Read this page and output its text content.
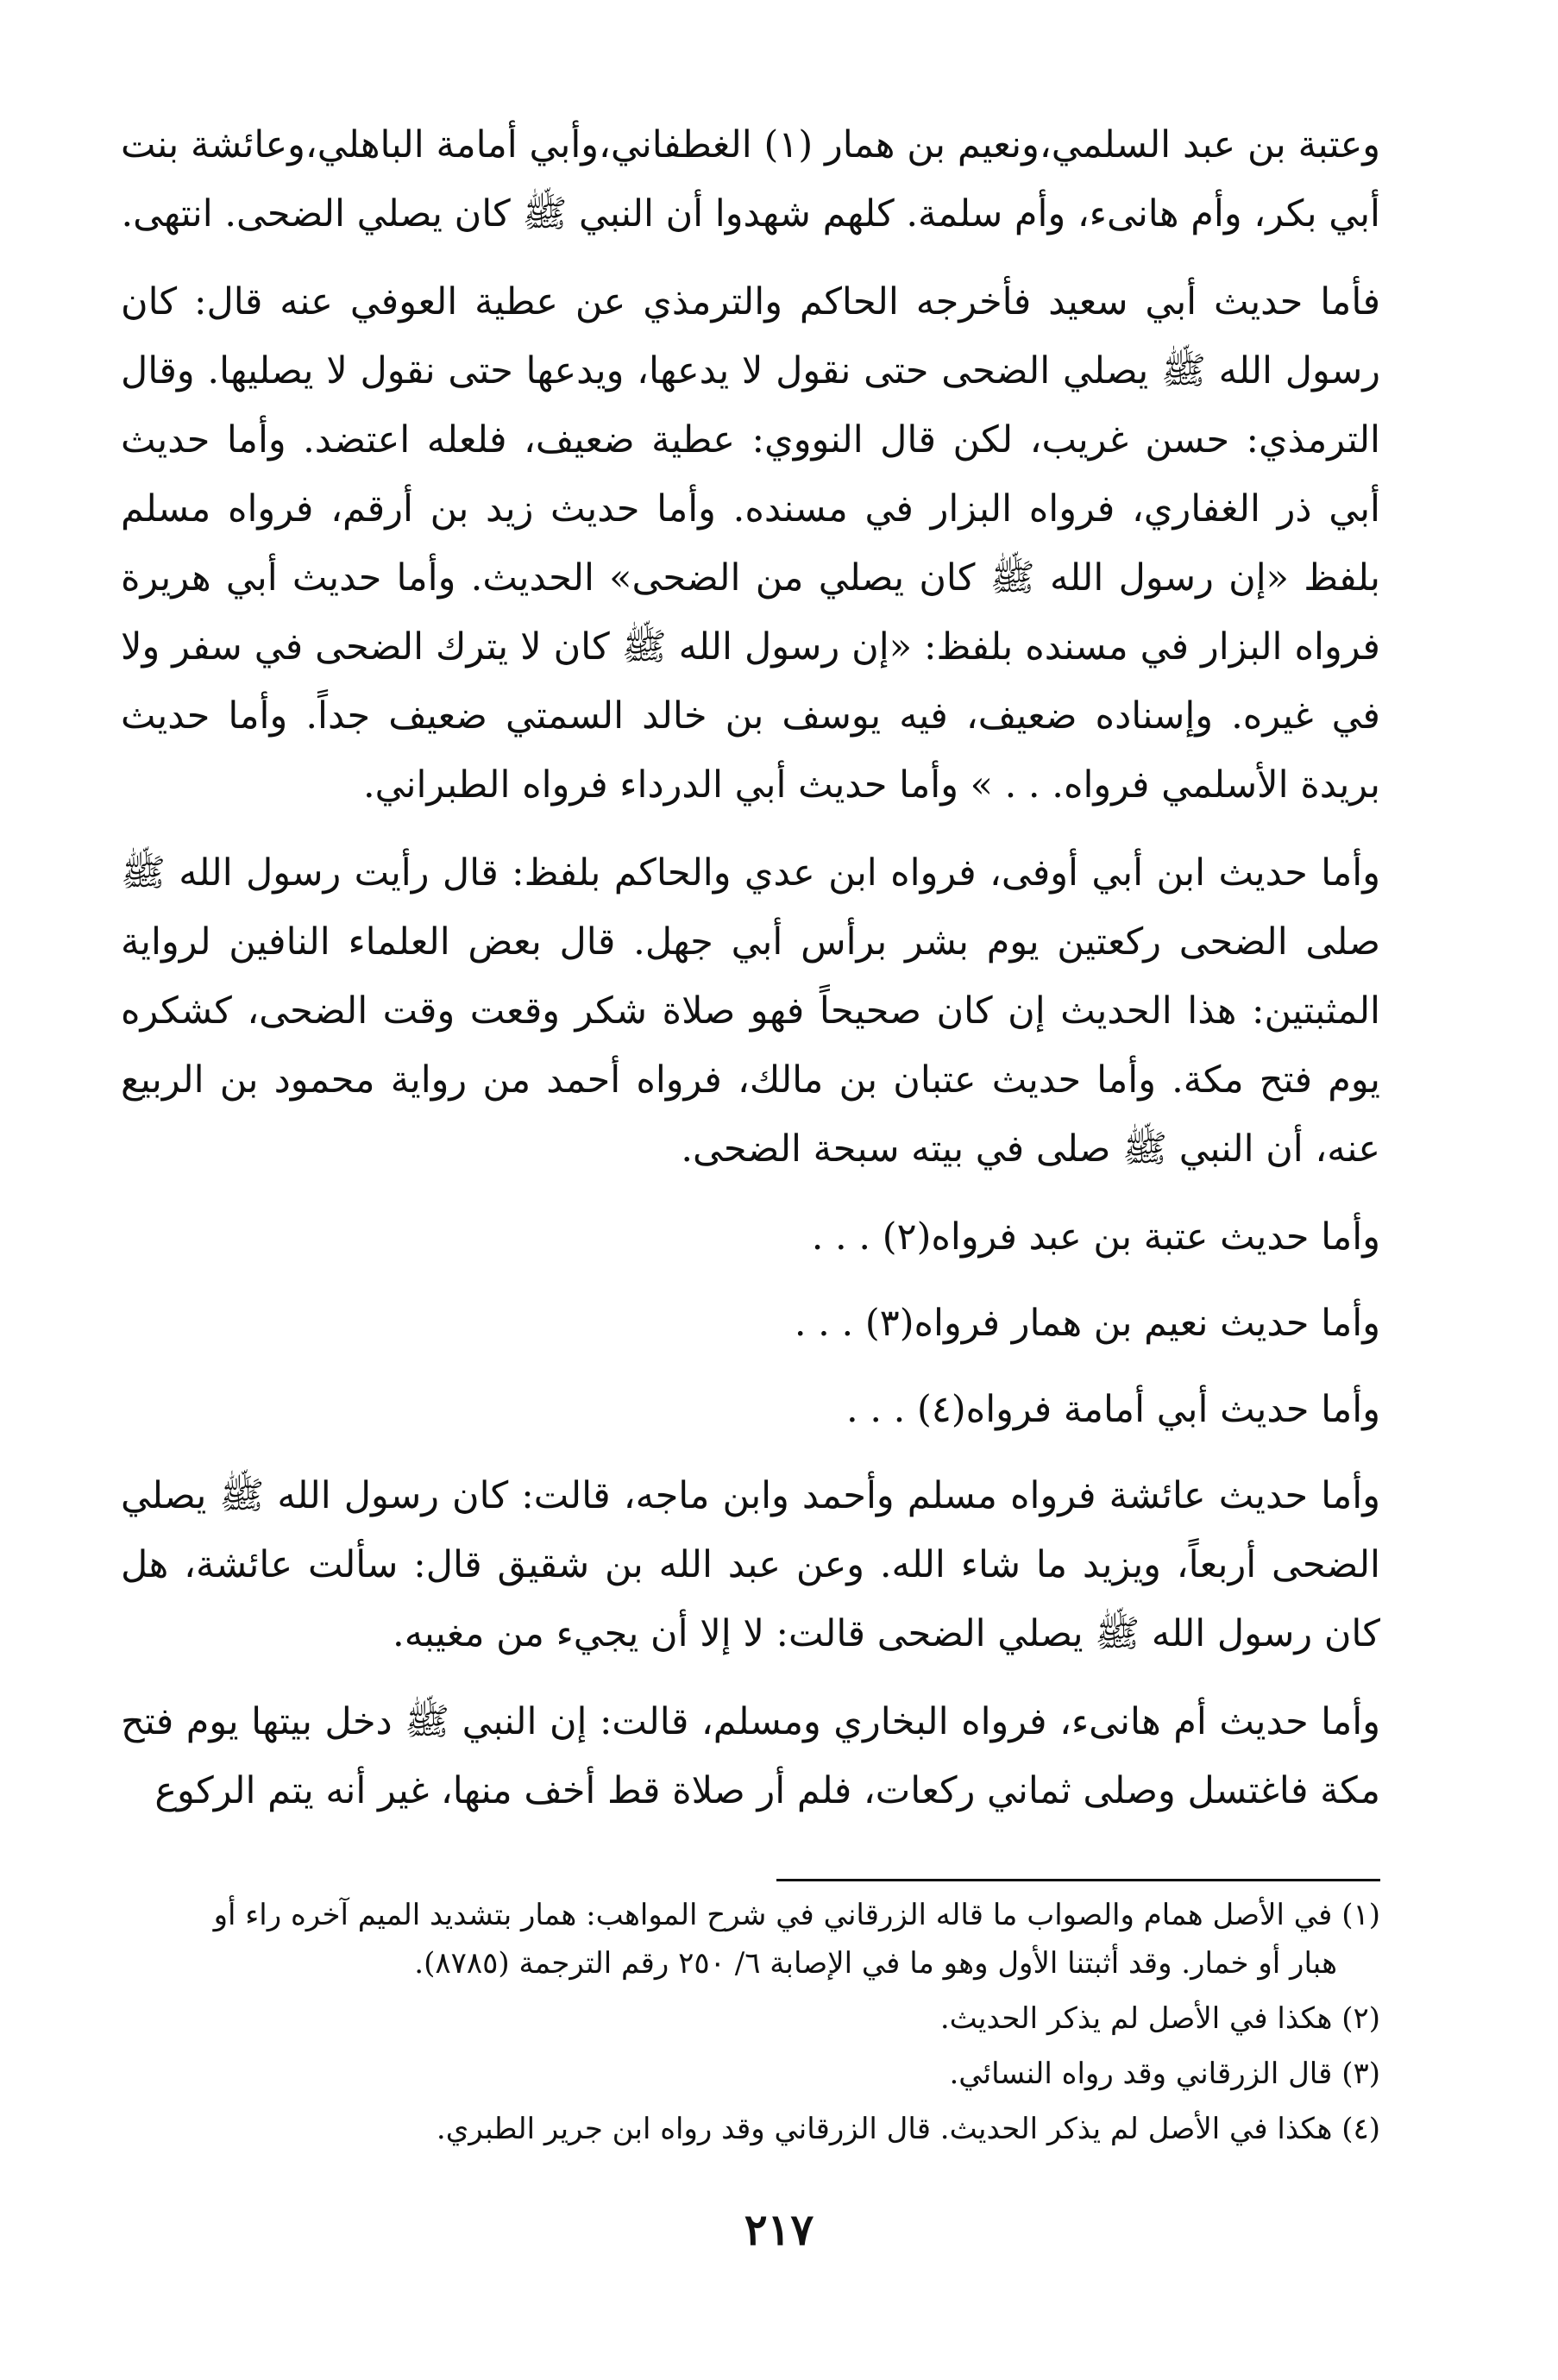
وعتبة بن عبد السلمي،ونعيم بن همار (١) الغطفاني،وأبي أمامة الباهلي،وعائشة بنت أبي بكر، وأم هانىء، وأم سلمة. كلهم شهدوا أن النبي ﷺ كان يصلي الضحى. انتهى.

فأما حديث أبي سعيد فأخرجه الحاكم والترمذي عن عطية العوفي عنه قال: كان رسول الله ﷺ يصلي الضحى حتى نقول لا يدعها، ويدعها حتى نقول لا يصليها. وقال الترمذي: حسن غريب، لكن قال النووي: عطية ضعيف، فلعله اعتضد. وأما حديث أبي ذر الغفاري، فرواه البزار في مسنده. وأما حديث زيد بن أرقم، فرواه مسلم بلفظ «إن رسول الله ﷺ كان يصلي من الضحى» الحديث. وأما حديث أبي هريرة فرواه البزار في مسنده بلفظ: «إن رسول الله ﷺ كان لا يترك الضحى في سفر ولا في غيره. وإسناده ضعيف، فيه يوسف بن خالد السمتي ضعيف جداً. وأما حديث بريدة الأسلمي فرواه. . . » وأما حديث أبي الدرداء فرواه الطبراني.

وأما حديث ابن أبي أوفى، فرواه ابن عدي والحاكم بلفظ: قال رأيت رسول الله ﷺ صلى الضحى ركعتين يوم بشر برأس أبي جهل. قال بعض العلماء النافين لرواية المثبتين: هذا الحديث إن كان صحيحاً فهو صلاة شكر وقعت وقت الضحى، كشكره يوم فتح مكة. وأما حديث عتبان بن مالك، فرواه أحمد من رواية محمود بن الربيع عنه، أن النبي ﷺ صلى في بيته سبحة الضحى.

وأما حديث عتبة بن عبد فرواه(٢) . . .

وأما حديث نعيم بن همار فرواه(٣) . . .

وأما حديث أبي أمامة فرواه(٤) . . .

وأما حديث عائشة فرواه مسلم وأحمد وابن ماجه، قالت: كان رسول الله ﷺ يصلي الضحى أربعاً، ويزيد ما شاء الله. وعن عبد الله بن شقيق قال: سألت عائشة، هل كان رسول الله ﷺ يصلي الضحى قالت: لا إلا أن يجيء من مغيبه.

وأما حديث أم هانىء، فرواه البخاري ومسلم، قالت: إن النبي ﷺ دخل بيتها يوم فتح مكة فاغتسل وصلى ثماني ركعات، فلم أر صلاة قط أخف منها، غير أنه يتم الركوع

(١) في الأصل همام والصواب ما قاله الزرقاني في شرح المواهب: همار بتشديد الميم آخره راء أو
هبار أو خمار. وقد أثبتنا الأول وهو ما في الإصابة ٦/ ٢٥٠ رقم الترجمة (٨٧٨٥).

(٢) هكذا في الأصل لم يذكر الحديث.

(٣) قال الزرقاني وقد رواه النسائي.

(٤) هكذا في الأصل لم يذكر الحديث. قال الزرقاني وقد رواه ابن جرير الطبري.

٢١٧
